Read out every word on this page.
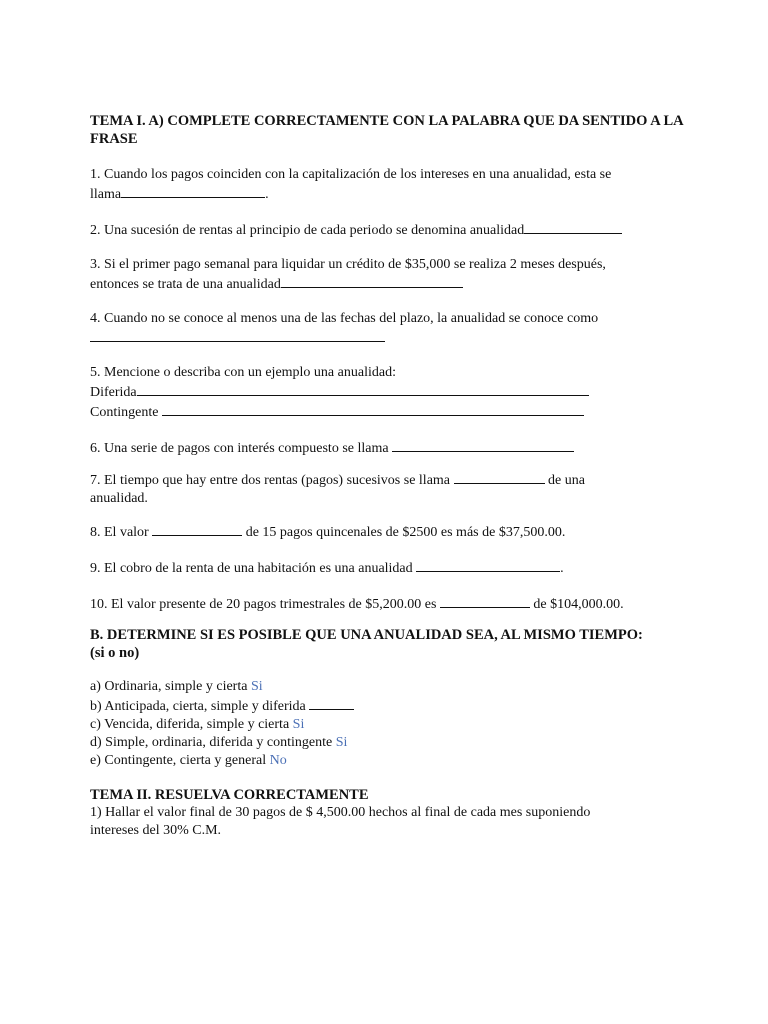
TEMA I. A) COMPLETE CORRECTAMENTE CON LA PALABRA QUE DA SENTIDO A LA FRASE
1. Cuando los pagos coinciden con la capitalización de los intereses en una anualidad, esta se
llama	.
2. Una sucesión de rentas al principio de cada periodo se denomina anualidad
3. Si el primer pago semanal para liquidar un crédito de $35,000 se realiza 2 meses después,
entonces se trata de una anualidad
4. Cuando no se conoce al menos una de las fechas del plazo, la anualidad se conoce como
5. Mencione o describa con un ejemplo una anualidad:
Diferida
Contingente
6. Una serie de pagos con interés compuesto se llama
7. El tiempo que hay entre dos rentas (pagos) sucesivos se llama	de una
anualidad.
8. El valor	de 15 pagos quincenales de $2500 es más de $37,500.00.
9. El cobro de la renta de una habitación es una anualidad	.
10. El valor presente de 20 pagos trimestrales de $5,200.00 es	de $104,000.00.
B. DETERMINE SI ES POSIBLE QUE UNA ANUALIDAD SEA, AL MISMO TIEMPO:
(si o no)
a) Ordinaria, simple y cierta Si
b) Anticipada, cierta, simple y diferida
c) Vencida, diferida, simple y cierta Si
d) Simple, ordinaria, diferida y contingente Si
e) Contingente, cierta y general No
TEMA II. RESUELVA CORRECTAMENTE
1) Hallar el valor final de 30 pagos de $ 4,500.00 hechos al final de cada mes suponiendo
intereses del 30% C.M.
